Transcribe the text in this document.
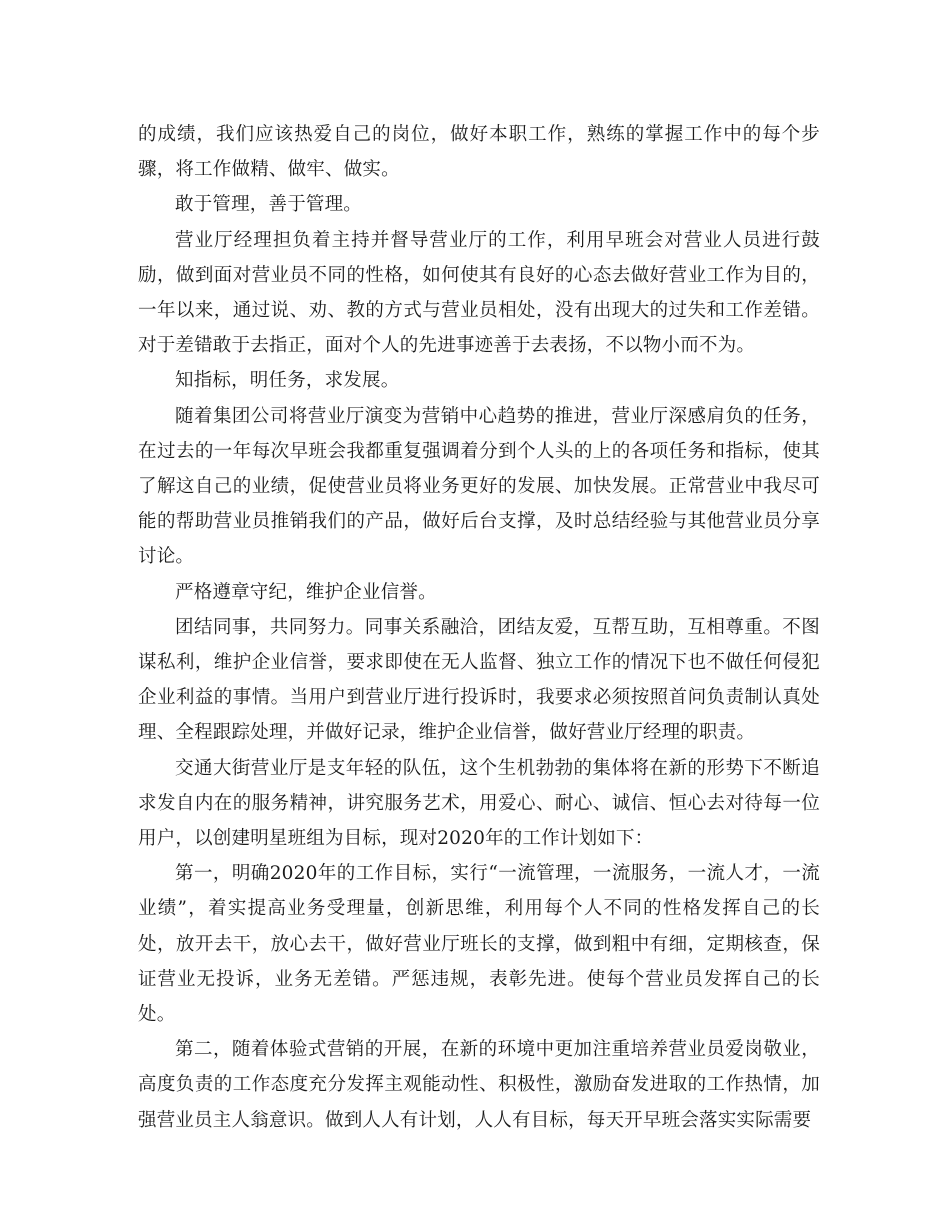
的成绩，我们应该热爱自己的岗位，做好本职工作，熟练的掌握工作中的每个步骤，将工作做精、做牢、做实。

敢于管理，善于管理。

营业厅经理担负着主持并督导营业厅的工作，利用早班会对营业人员进行鼓励，做到面对营业员不同的性格，如何使其有良好的心态去做好营业工作为目的，一年以来，通过说、劝、教的方式与营业员相处，没有出现大的过失和工作差错。对于差错敢于去指正，面对个人的先进事迹善于去表扬，不以物小而不为。

知指标，明任务，求发展。

随着集团公司将营业厅演变为营销中心趋势的推进，营业厅深感肩负的任务，在过去的一年每次早班会我都重复强调着分到个人头的上的各项任务和指标，使其了解这自己的业绩，促使营业员将业务更好的发展、加快发展。正常营业中我尽可能的帮助营业员推销我们的产品，做好后台支撑，及时总结经验与其他营业员分享讨论。

严格遵章守纪，维护企业信誉。

团结同事，共同努力。同事关系融洽，团结友爱，互帮互助，互相尊重。不图谋私利，维护企业信誉，要求即使在无人监督、独立工作的情况下也不做任何侵犯企业利益的事情。当用户到营业厅进行投诉时，我要求必须按照首问负责制认真处理、全程跟踪处理，并做好记录，维护企业信誉，做好营业厅经理的职责。

交通大街营业厅是支年轻的队伍，这个生机勃勃的集体将在新的形势下不断追求发自内在的服务精神，讲究服务艺术，用爱心、耐心、诚信、恒心去对待每一位用户，以创建明星班组为目标，现对2020年的工作计划如下：

第一，明确2020年的工作目标，实行“一流管理，一流服务，一流人才，一流业绩”，着实提高业务受理量，创新思维，利用每个人不同的性格发挥自己的长处，放开去干，放心去干，做好营业厅班长的支撑，做到粗中有细，定期核查，保证营业无投诉，业务无差错。严惩违规，表彰先进。使每个营业员发挥自己的长处。

第二，随着体验式营销的开展，在新的环境中更加注重培养营业员爱岗敬业，高度负责的工作态度充分发挥主观能动性、积极性，激励奋发进取的工作热情，加强营业员主人翁意识。做到人人有计划，人人有目标，每天开早班会落实实际需要
